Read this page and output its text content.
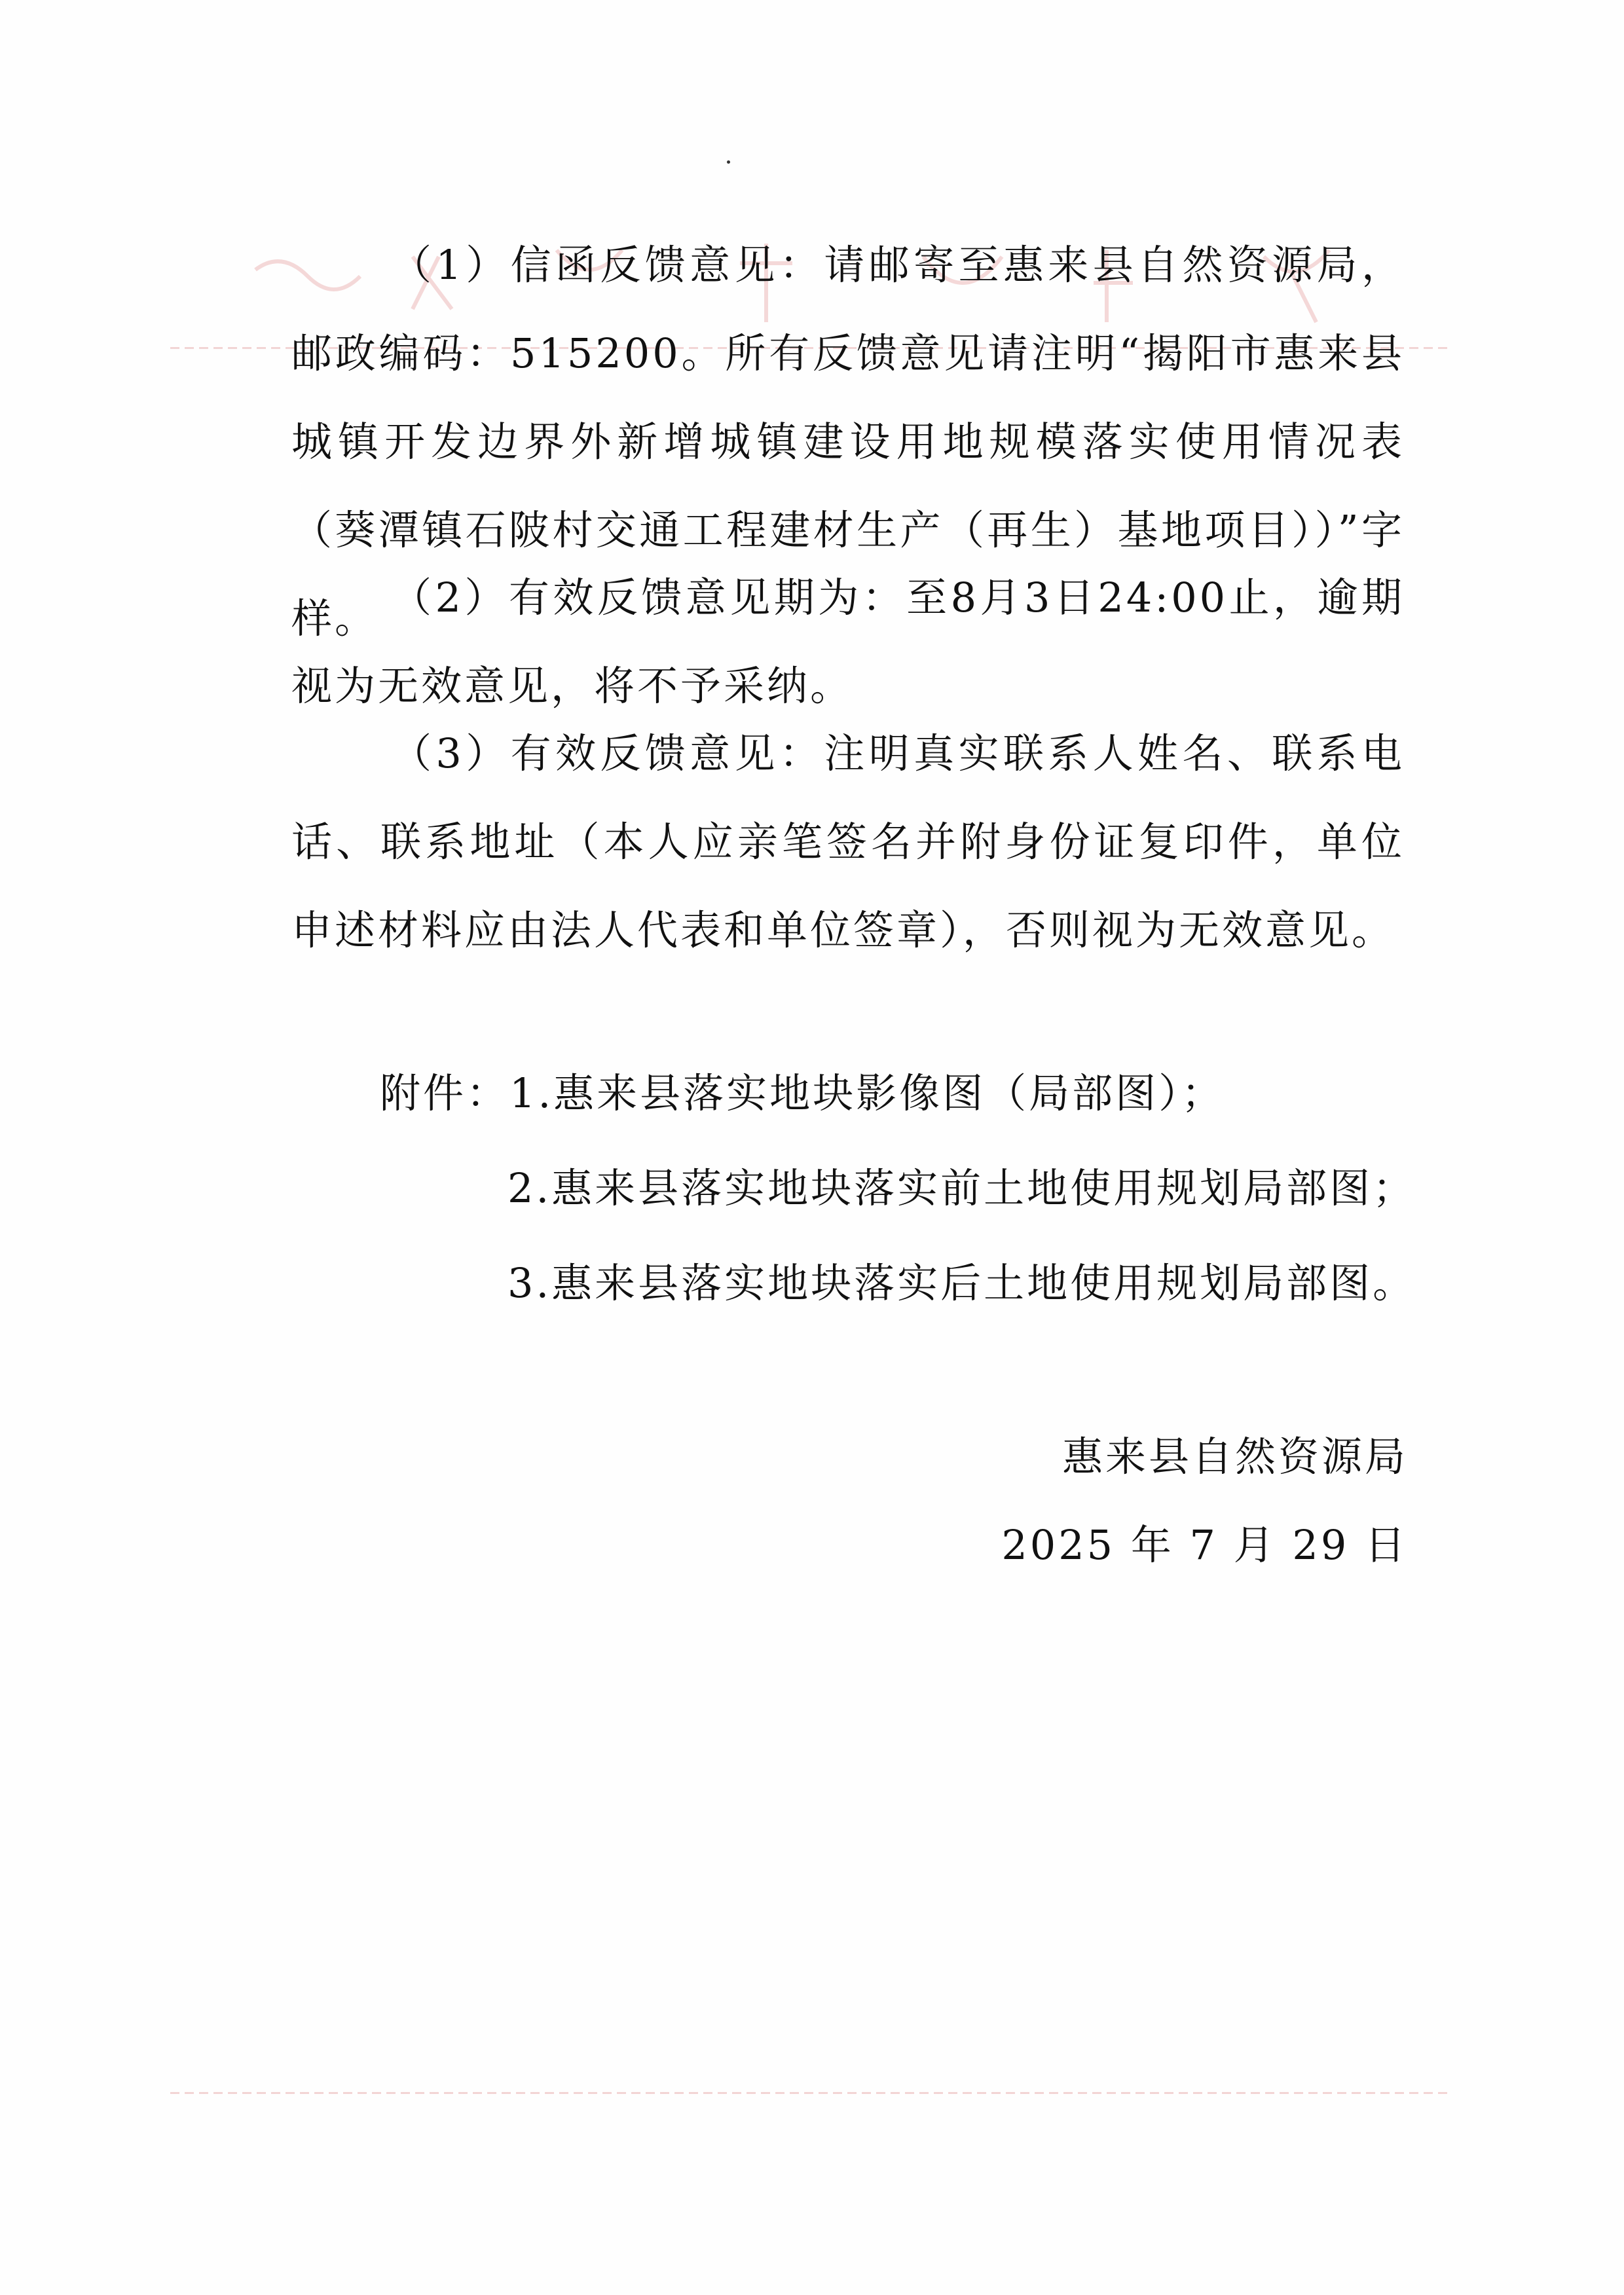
（1）信函反馈意见：请邮寄至惠来县自然资源局，邮政编码：515200。所有反馈意见请注明“揭阳市惠来县城镇开发边界外新增城镇建设用地规模落实使用情况表（葵潭镇石陂村交通工程建材生产（再生）基地项目））”字样。 （2）有效反馈意见期为：至8月3日24:00止，逾期视为无效意见，将不予采纳。

（3）有效反馈意见：注明真实联系人姓名、联系电话、联系地址（本人应亲笔签名并附身份证复印件，单位申述材料应由法人代表和单位签章），否则视为无效意见。

附件：1.惠来县落实地块影像图（局部图）；
2.惠来县落实地块落实前土地使用规划局部图；
3.惠来县落实地块落实后土地使用规划局部图。
惠来县自然资源局
2025 年 7 月 29 日
